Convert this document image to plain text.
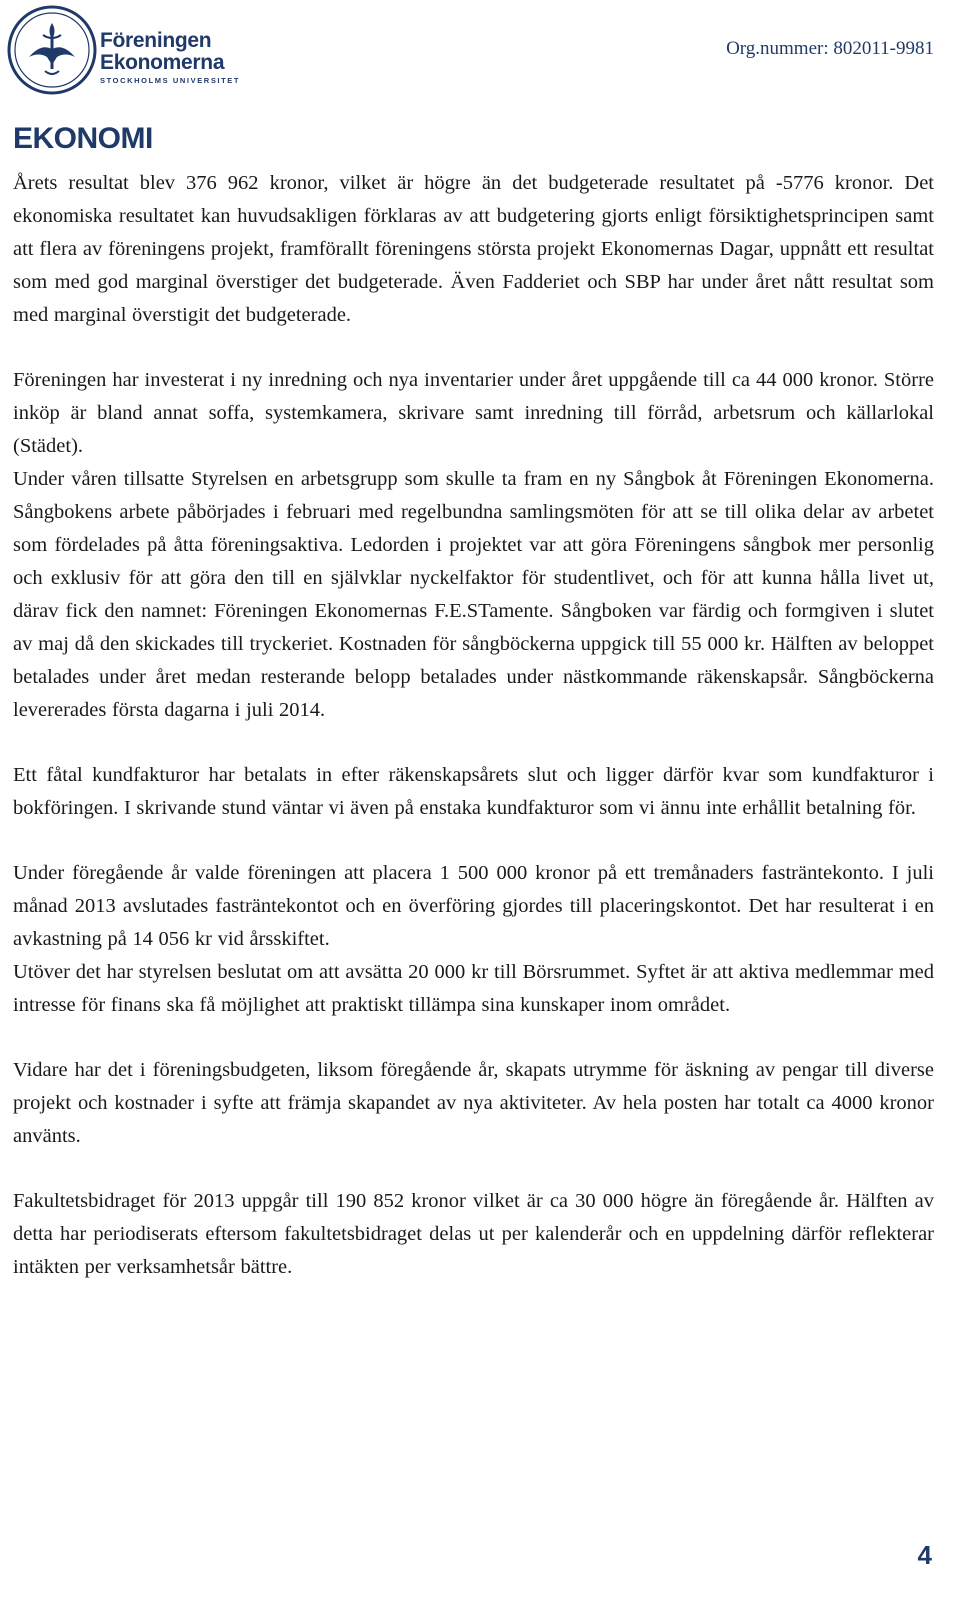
Föreningen
Ekonomerna
STOCKHOLMS UNIVERSITET
Org.nummer: 802011-9981
EKONOMI

Årets resultat blev 376 962 kronor, vilket är högre än det budgeterade resultatet på -5776 kronor. Det ekonomiska resultatet kan huvudsakligen förklaras av att budgetering gjorts enligt försiktighetsprincipen samt att flera av föreningens projekt, framförallt föreningens största projekt Ekonomernas Dagar, uppnått ett resultat som med god marginal överstiger det budgeterade. Även Fadderiet och SBP har under året nått resultat som med marginal överstigit det budgeterade.

Föreningen har investerat i ny inredning och nya inventarier under året uppgående till ca 44 000 kronor. Större inköp är bland annat soffa, systemkamera, skrivare samt inredning till förråd, arbetsrum och källarlokal (Städet).

Under våren tillsatte Styrelsen en arbetsgrupp som skulle ta fram en ny Sångbok åt Föreningen Ekonomerna. Sångbokens arbete påbörjades i februari med regelbundna samlingsmöten för att se till olika delar av arbetet som fördelades på åtta föreningsaktiva. Ledorden i projektet var att göra Föreningens sångbok mer personlig och exklusiv för att göra den till en självklar nyckelfaktor för studentlivet, och för att kunna hålla livet ut, därav fick den namnet: Föreningen Ekonomernas F.E.STamente. Sångboken var färdig och formgiven i slutet av maj då den skickades till tryckeriet. Kostnaden för sångböckerna uppgick till 55 000 kr. Hälften av beloppet betalades under året medan resterande belopp betalades under nästkommande räkenskapsår. Sångböckerna levererades första dagarna i juli 2014.

Ett fåtal kundfakturor har betalats in efter räkenskapsårets slut och ligger därför kvar som kundfakturor i bokföringen. I skrivande stund väntar vi även på enstaka kundfakturor som vi ännu inte erhållit betalning för.

Under föregående år valde föreningen att placera 1 500 000 kronor på ett tremånaders fasträntekonto. I juli månad 2013 avslutades fasträntekontot och en överföring gjordes till placeringskontot. Det har resulterat i en avkastning på 14 056 kr vid årsskiftet.

Utöver det har styrelsen beslutat om att avsätta 20 000 kr till Börsrummet. Syftet är att aktiva medlemmar med intresse för finans ska få möjlighet att praktiskt tillämpa sina kunskaper inom området.

Vidare har det i föreningsbudgeten, liksom föregående år, skapats utrymme för äskning av pengar till diverse projekt och kostnader i syfte att främja skapandet av nya aktiviteter. Av hela posten har totalt ca 4000 kronor använts.

Fakultetsbidraget för 2013 uppgår till 190 852 kronor vilket är ca 30 000 högre än föregående år. Hälften av detta har periodiserats eftersom fakultetsbidraget delas ut per kalenderår och en uppdelning därför reflekterar intäkten per verksamhetsår bättre.

4
